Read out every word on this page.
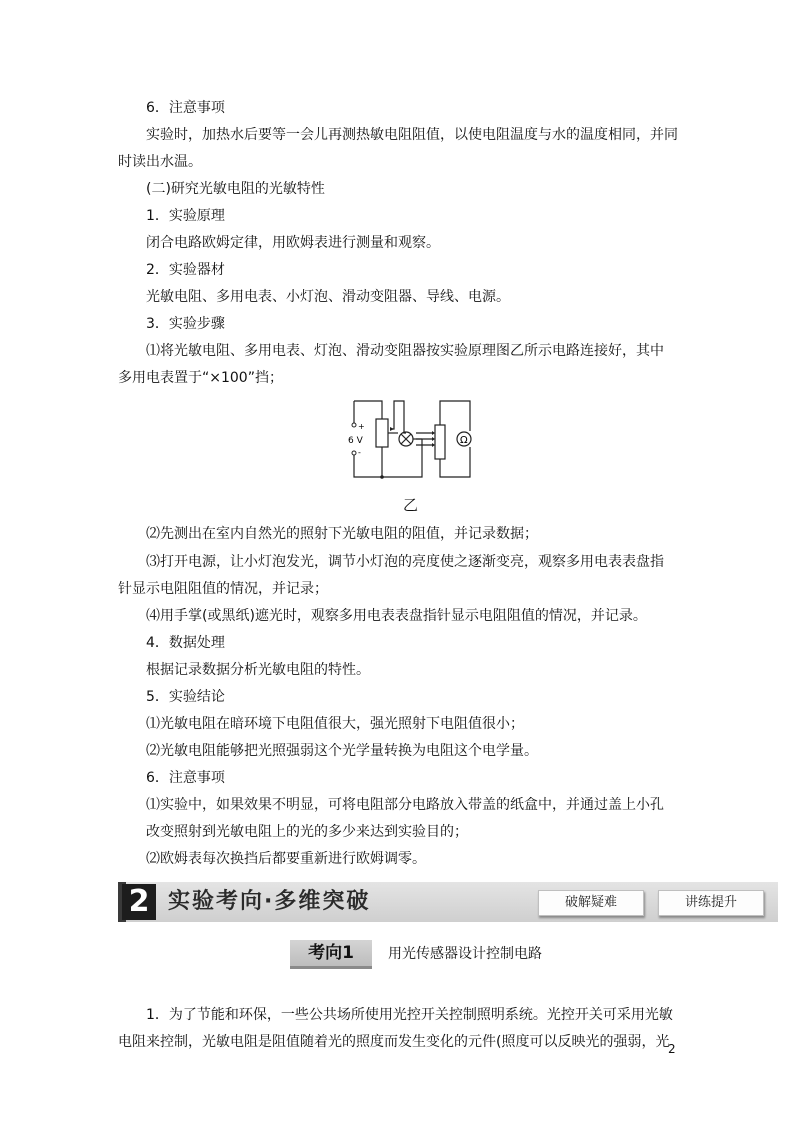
6．注意事项
实验时，加热水后要等一会儿再测热敏电阻阻值，以使电阻温度与水的温度相同，并同
时读出水温。
(二)研究光敏电阻的光敏特性
1．实验原理
闭合电路欧姆定律，用欧姆表进行测量和观察。
2．实验器材
光敏电阻、多用电表、小灯泡、滑动变阻器、导线、电源。
3．实验步骤
⑴将光敏电阻、多用电表、灯泡、滑动变阻器按实验原理图乙所示电路连接好，其中
多用电表置于“×100”挡；
⑵先测出在室内自然光的照射下光敏电阻的阻值，并记录数据；
⑶打开电源，让小灯泡发光，调节小灯泡的亮度使之逐渐变亮，观察多用电表表盘指
针显示电阻阻值的情况，并记录；
⑷用手掌(或黑纸)遮光时，观察多用电表表盘指针显示电阻阻值的情况，并记录。
4．数据处理
根据记录数据分析光敏电阻的特性。
5．实验结论
⑴光敏电阻在暗环境下电阻值很大，强光照射下电阻值很小；
⑵光敏电阻能够把光照强弱这个光学量转换为电阻这个电学量。
6．注意事项
⑴实验中，如果效果不明显，可将电阻部分电路放入带盖的纸盒中，并通过盖上小孔
改变照射到光敏电阻上的光的多少来达到实验目的；
⑵欧姆表每次换挡后都要重新进行欧姆调零。
1．为了节能和环保，一些公共场所使用光控开关控制照明系统。光控开关可采用光敏
电阻来控制，光敏电阻是阻值随着光的照度而发生变化的元件(照度可以反映光的强弱，光
+
6 V
-
Ω
乙
2 实验考向·多维突破	破解疑难	讲练提升
考向1	用光传感器设计控制电路
2
